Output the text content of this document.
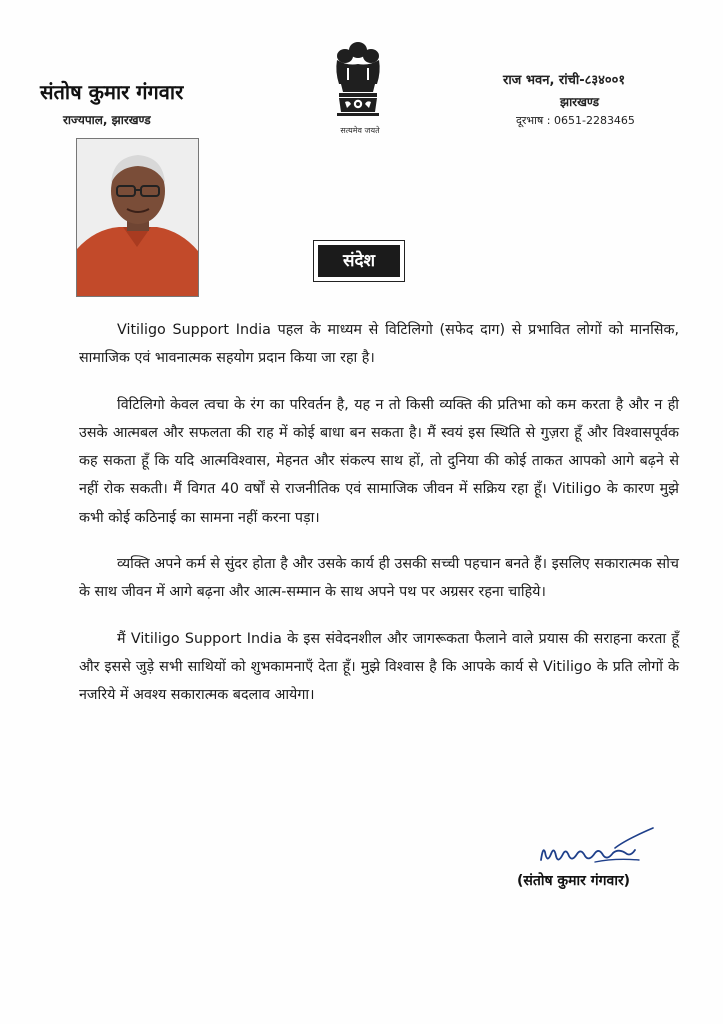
संतोष कुमार गंगवार
राज्यपाल, झारखण्ड
सत्यमेव जयते
राज भवन, रांची-८३४००१
झारखण्ड
दूरभाष : 0651-2283465
संदेश

Vitiligo Support India पहल के माध्यम से विटिलिगो (सफेद दाग) से प्रभावित लोगों को मानसिक, सामाजिक एवं भावनात्मक सहयोग प्रदान किया जा रहा है।

विटिलिगो केवल त्वचा के रंग का परिवर्तन है, यह न तो किसी व्यक्ति की प्रतिभा को कम करता है और न ही उसके आत्मबल और सफलता की राह में कोई बाधा बन सकता है। मैं स्वयं इस स्थिति से गुज़रा हूँ और विश्वासपूर्वक कह सकता हूँ कि यदि आत्मविश्वास, मेहनत और संकल्प साथ हों, तो दुनिया की कोई ताकत आपको आगे बढ़ने से नहीं रोक सकती। मैं विगत 40 वर्षों से राजनीतिक एवं सामाजिक जीवन में सक्रिय रहा हूँ। Vitiligo के कारण मुझे कभी कोई कठिनाई का सामना नहीं करना पड़ा।

व्यक्ति अपने कर्म से सुंदर होता है और उसके कार्य ही उसकी सच्ची पहचान बनते हैं। इसलिए सकारात्मक सोच के साथ जीवन में आगे बढ़ना और आत्म-सम्मान के साथ अपने पथ पर अग्रसर रहना चाहिये।

मैं Vitiligo Support India के इस संवेदनशील और जागरूकता फैलाने वाले प्रयास की सराहना करता हूँ और इससे जुड़े सभी साथियों को शुभकामनाएँ देता हूँ। मुझे विश्वास है कि आपके कार्य से Vitiligo के प्रति लोगों के नजरिये में अवश्य सकारात्मक बदलाव आयेगा।

(संतोष कुमार गंगवार)
